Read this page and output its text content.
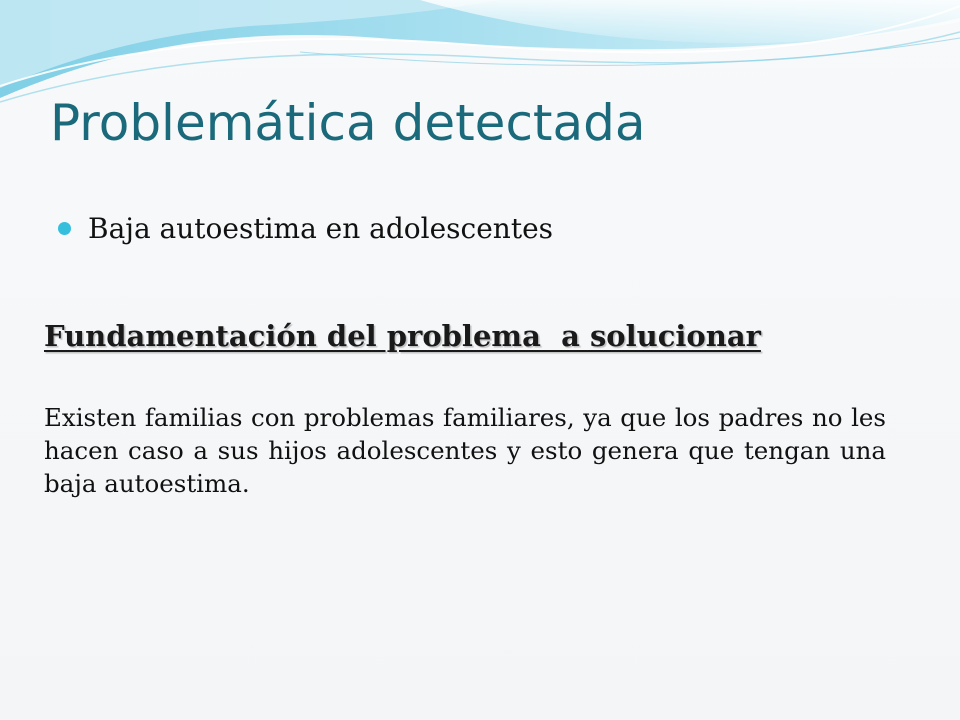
Problemática detectada
Baja autoestima en adolescentes
Fundamentación del problema  a solucionar

Existen familias con problemas familiares, ya que los padres no les hacen caso a sus hijos adolescentes y esto genera que tengan una baja autoestima.
